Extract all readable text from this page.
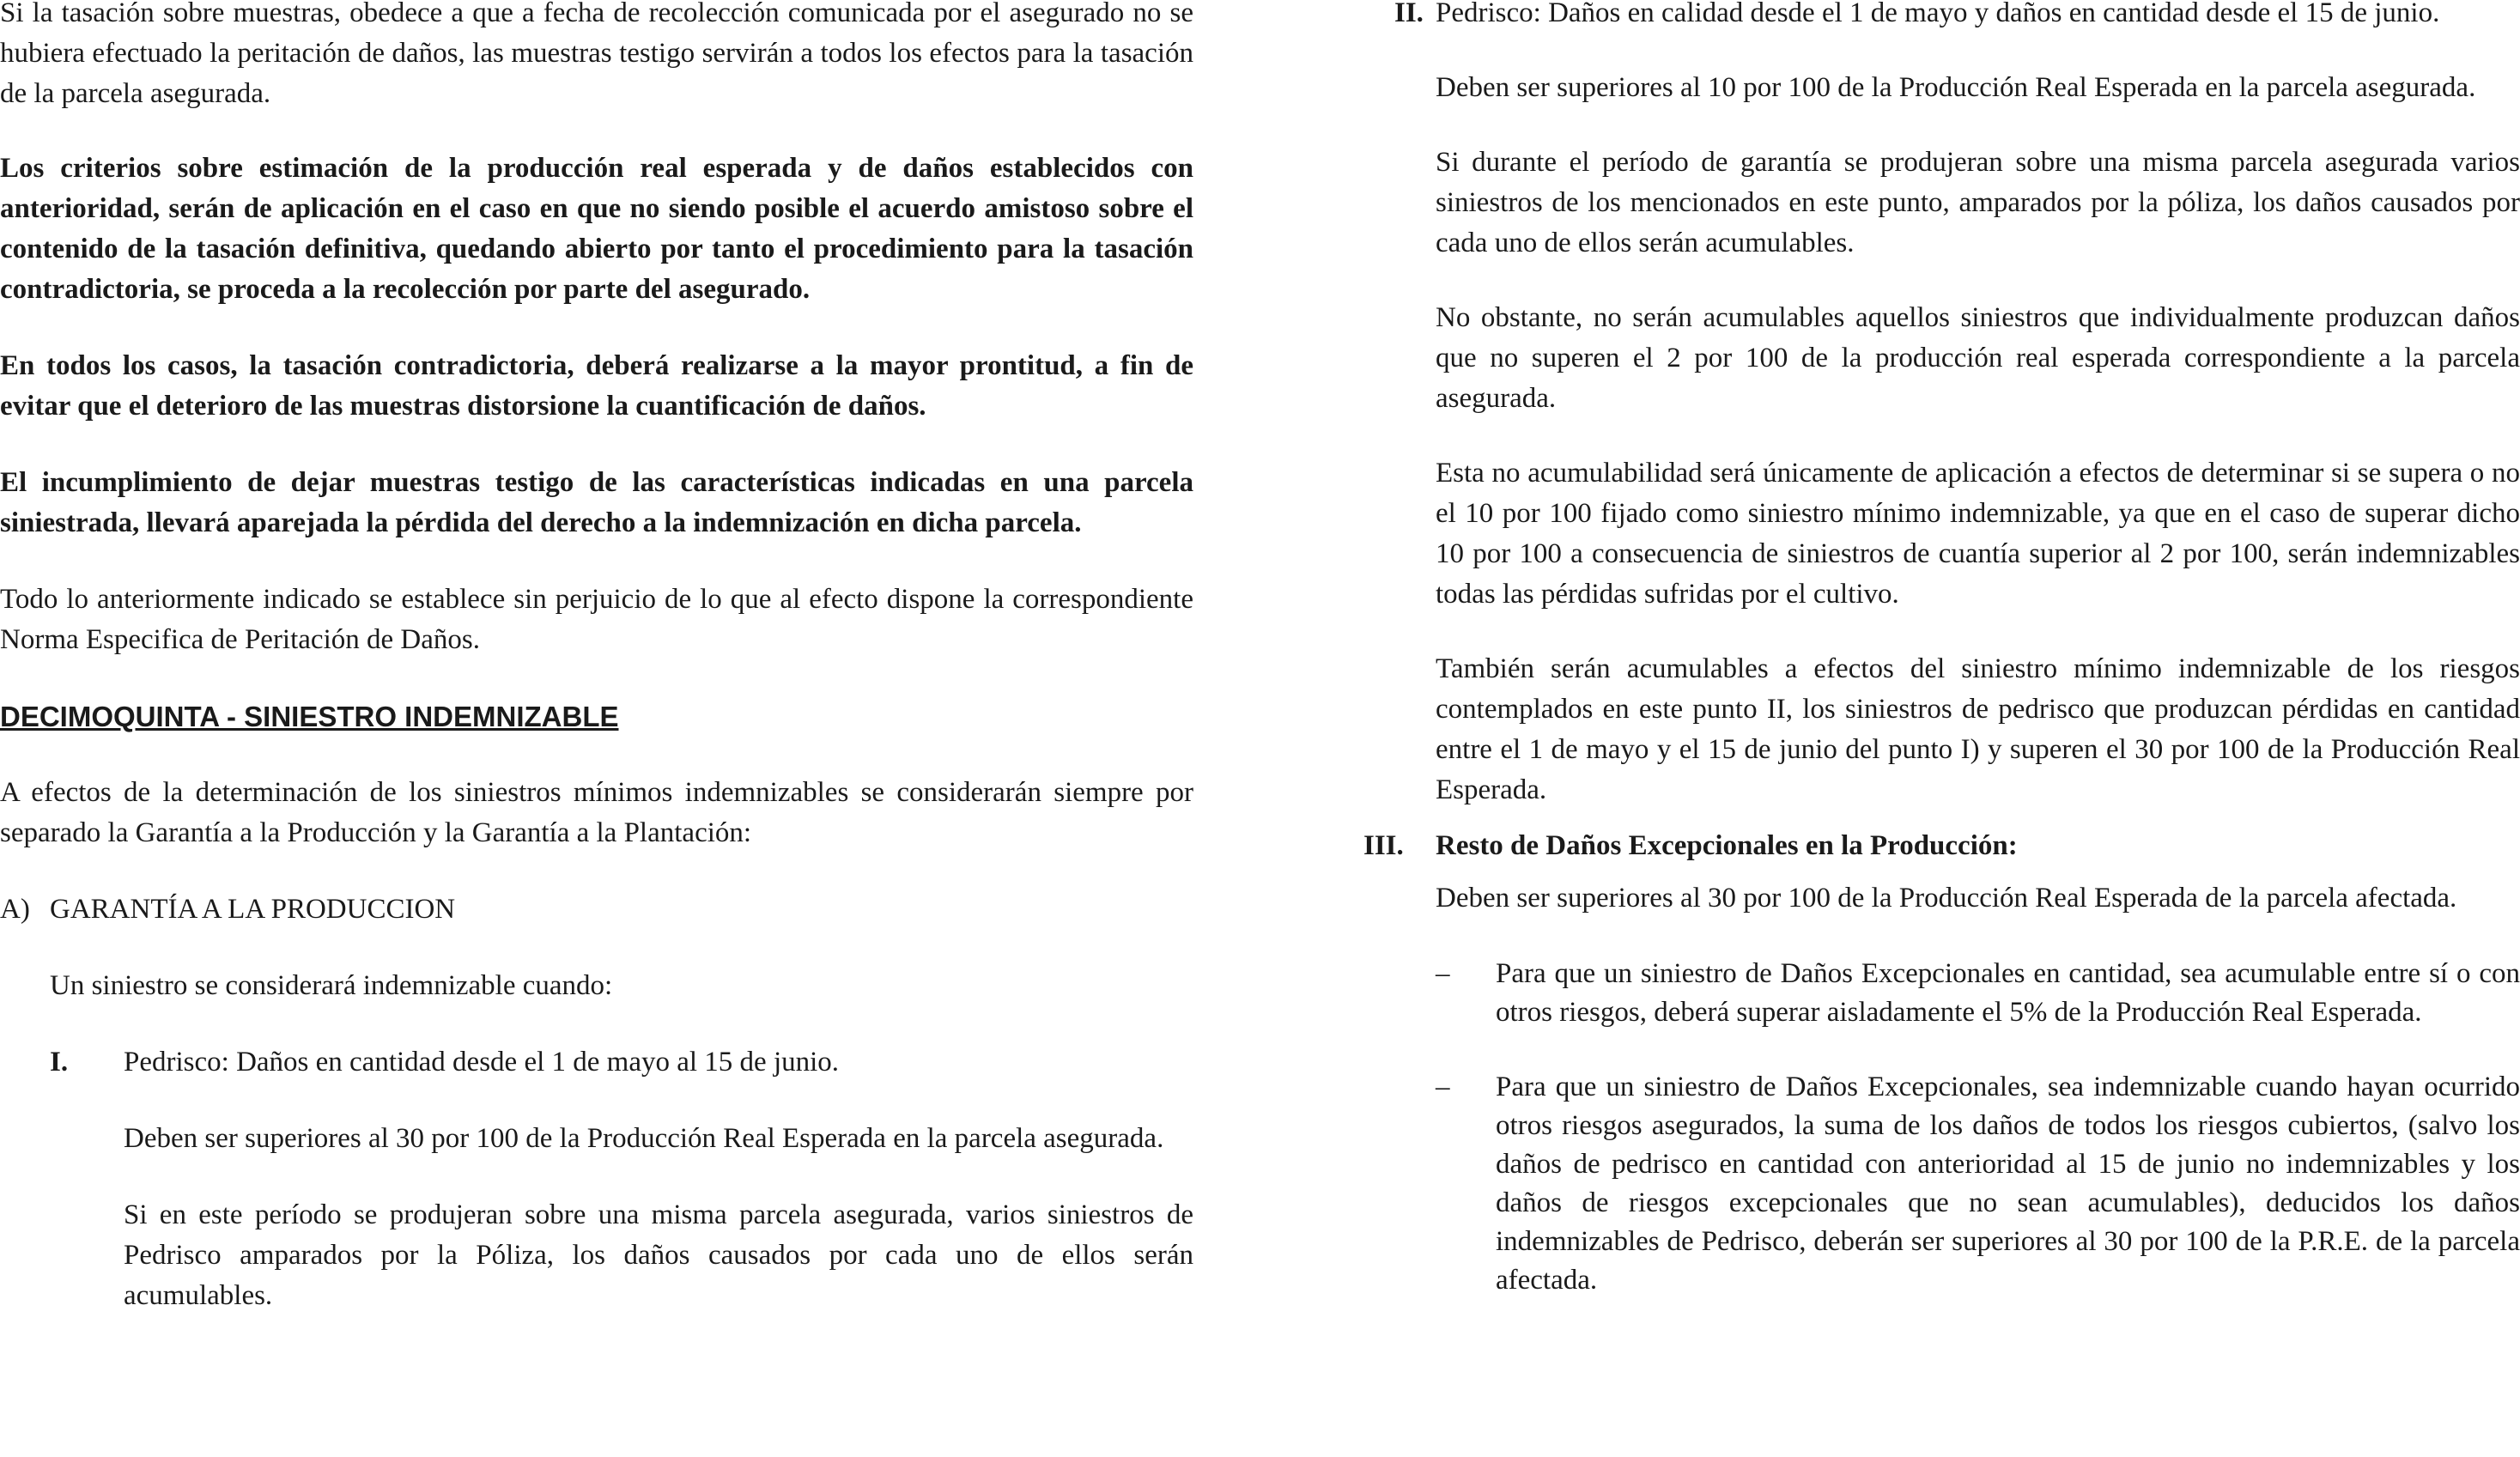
Si la tasación sobre muestras, obedece a que a fecha de recolección comunicada por el asegurado no se hubiera efectuado la peritación de daños, las muestras testigo servirán a todos los efectos para la tasación de la parcela asegurada.

Los criterios sobre estimación de la producción real esperada y de daños establecidos con anterioridad, serán de aplicación en el caso en que no siendo posible el acuerdo amistoso sobre el contenido de la tasación definitiva, quedando abierto por tanto el procedimiento para la tasación contradictoria, se proceda a la recolección por parte del asegurado.

En todos los casos, la tasación contradictoria, deberá realizarse a la mayor prontitud, a fin de evitar que el deterioro de las muestras distorsione la cuantificación de daños.

El incumplimiento de dejar muestras testigo de las características indicadas en una parcela siniestrada, llevará aparejada la pérdida del derecho a la indemnización en dicha parcela.

Todo lo anteriormente indicado se establece sin perjuicio de lo que al efecto dispone la correspondiente Norma Especifica de Peritación de Daños.

DECIMOQUINTA - SINIESTRO INDEMNIZABLE

A efectos de la determinación de los siniestros mínimos indemnizables se considerarán siempre por separado la Garantía a la Producción y la Garantía a la Plantación:

A) GARANTÍA A LA PRODUCCION

Un siniestro se considerará indemnizable cuando:

I.	Pedrisco: Daños en cantidad desde el 1 de mayo al 15 de junio.

Deben ser superiores al 30 por 100 de la Producción Real Esperada en la parcela asegurada.

Si en este período se produjeran sobre una misma parcela asegurada, varios siniestros de Pedrisco amparados por la Póliza, los daños causados por cada uno de ellos serán acumulables.

II. Pedrisco: Daños en calidad desde el 1 de mayo y daños en cantidad desde el 15 de junio.

Deben ser superiores al 10 por 100 de la Producción Real Esperada en la parcela asegurada.

Si durante el período de garantía se produjeran sobre una misma parcela asegurada varios siniestros de los mencionados en este punto, amparados por la póliza, los daños causados por cada uno de ellos serán acumulables.

No obstante, no serán acumulables aquellos siniestros que individualmente produzcan daños que no superen el 2 por 100 de la producción real esperada correspondiente a la parcela asegurada.

Esta no acumulabilidad será únicamente de aplicación a efectos de determinar si se supera o no el 10 por 100 fijado como siniestro mínimo indemnizable, ya que en el caso de superar dicho 10 por 100 a consecuencia de siniestros de cuantía superior al 2 por 100, serán indemnizables todas las pérdidas sufridas por el cultivo.

También serán acumulables a efectos del siniestro mínimo indemnizable de los riesgos contemplados en este punto II, los siniestros de pedrisco que produzcan pérdidas en cantidad entre el 1 de mayo y el 15 de junio del punto I) y superen el 30 por 100 de la Producción Real Esperada.

III.	Resto de Daños Excepcionales en la Producción:

Deben ser superiores al 30 por 100 de la Producción Real Esperada de la parcela afectada.

–	Para que un siniestro de Daños Excepcionales en cantidad, sea acumulable entre sí o con otros riesgos, deberá superar aisladamente el 5% de la Producción Real Esperada.
–	Para que un siniestro de Daños Excepcionales, sea indemnizable cuando hayan ocurrido otros riesgos asegurados, la suma de los daños de todos los riesgos cubiertos, (salvo los daños de pedrisco en cantidad con anterioridad al 15 de junio no indemnizables y los daños de riesgos excepcionales que no sean acumulables), deducidos los daños indemnizables de Pedrisco, deberán ser superiores al 30 por 100 de la P.R.E. de la parcela afectada.
